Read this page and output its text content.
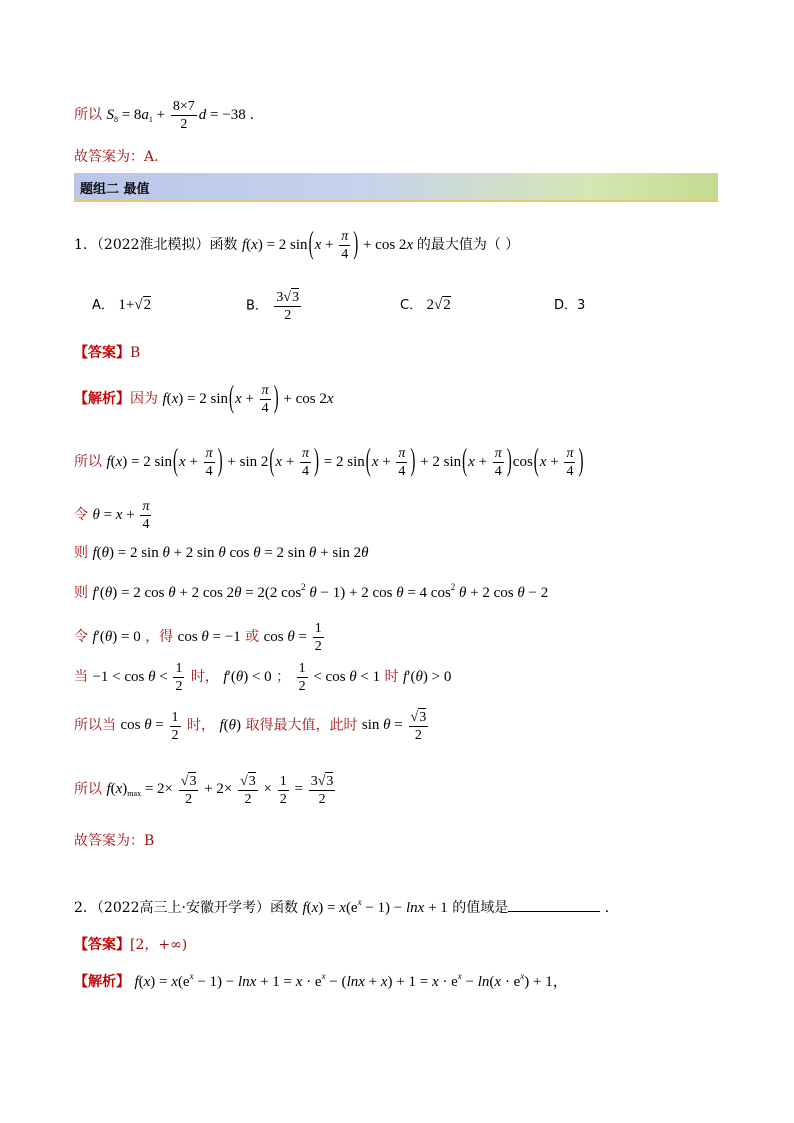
所以 $S_8 = 8a_1 + \frac{8\times 7}{2}$ d = −38 .
故答案为：A.
题组二 最值
1．（2022淮北模拟）函数 f(x) = 2 $\sin(x + \frac{\pi}{4}$ ) + cos 2x 的最大值为（ ）
A． 1+√2	B． $\frac{3√3}{2}$	C． 2√2	D．3
【答案】B
【解析】因为 f(x) = 2 $\sin(x + \frac{\pi}{4}$ ) + cos 2x
所以 f(x) = 2 $\sin(x + \frac{\pi}{4}$ ) + $\sin 2(x + \frac{\pi}{4}$ ) = 2 $\sin(x + \frac{\pi}{4}$ ) + 2 $\sin(x + \frac{\pi}{4} )\cos(x + \frac{\pi}{4}$ )
令 $\theta = x + \frac{\pi}{4}$
则 f(θ) = 2 sin θ + 2 sin θ cos θ = 2 sin θ + sin 2θ
则 f′(θ) = 2 cos θ + 2 cos 2θ = 2(2 $\cos^2 \theta - 1) + 2$ cos θ = 4 $\cos^2 \theta + 2$ cos θ − 2
令 f′(θ) = 0 ，得 cos θ = −1 或 $\cos \theta = \frac{1}{2}$
当 $-1 < \cos \theta < \frac{1}{2}$ 时， f′(θ) < 0 ； $\frac{1}{2} < \cos \theta < 1$ 时 f′(θ) > 0
所以当 $\cos \theta = \frac{1}{2}$ 时， f(θ) 取得最大值，此时 $\sin \theta = \frac{√3}{2}$
所以 $f(x)_{max} = 2\times \frac{√3}{2} + 2\times \frac{√3}{2} \times \frac{1}{2} = \frac{3√3}{2}$
故答案为：B
2．（2022高三上·安徽开学考）函数 $f(x) = x(e^x - 1) - \ln x + 1$ 的值域是	．
【答案】[2，+∞)
【解析】 $f(x) = x(e^x - 1) - \ln x + 1 = x \cdot e^x - (\ln x + x) + 1 = x \cdot e^x - \ln(x \cdot e^x) + 1$，
